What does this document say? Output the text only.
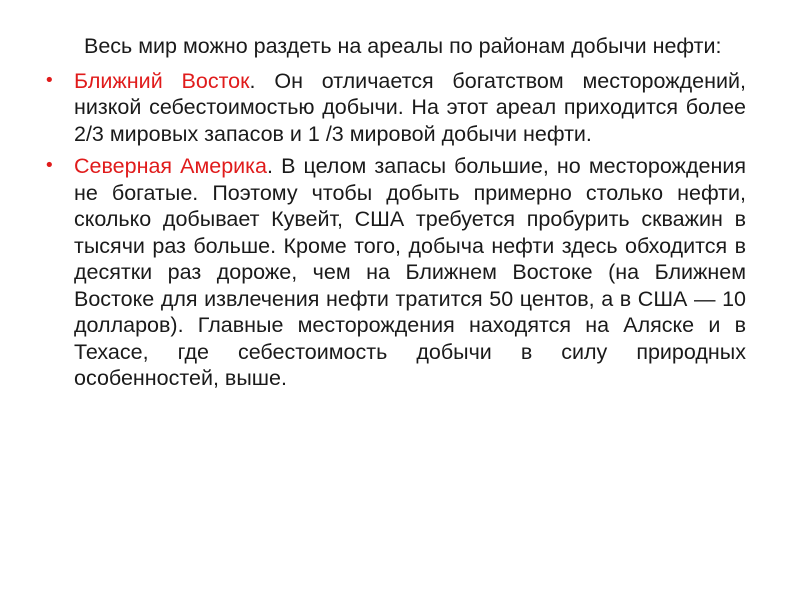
Весь мир можно раздеть на ареалы по районам добычи нефти:

• Ближний Восток. Он отличается богатством месторождений, низкой себестоимостью добычи. На этот ареал приходится более 2/3 мировых запасов и 1 /3 мировой добычи нефти.

• Северная Америка. В целом запасы большие, но месторождения не богатые. Поэтому чтобы добыть примерно столько нефти, сколько добывает Кувейт, США требуется пробурить скважин в тысячи раз больше. Кроме того, добыча нефти здесь обходится в десятки раз дороже, чем на Ближнем Востоке (на Ближнем Востоке для извлечения нефти тратится 50 центов, а в США — 10 долларов). Главные месторождения находятся на Аляске и в Техасе, где себестоимость добычи в силу природных особенностей, выше.
